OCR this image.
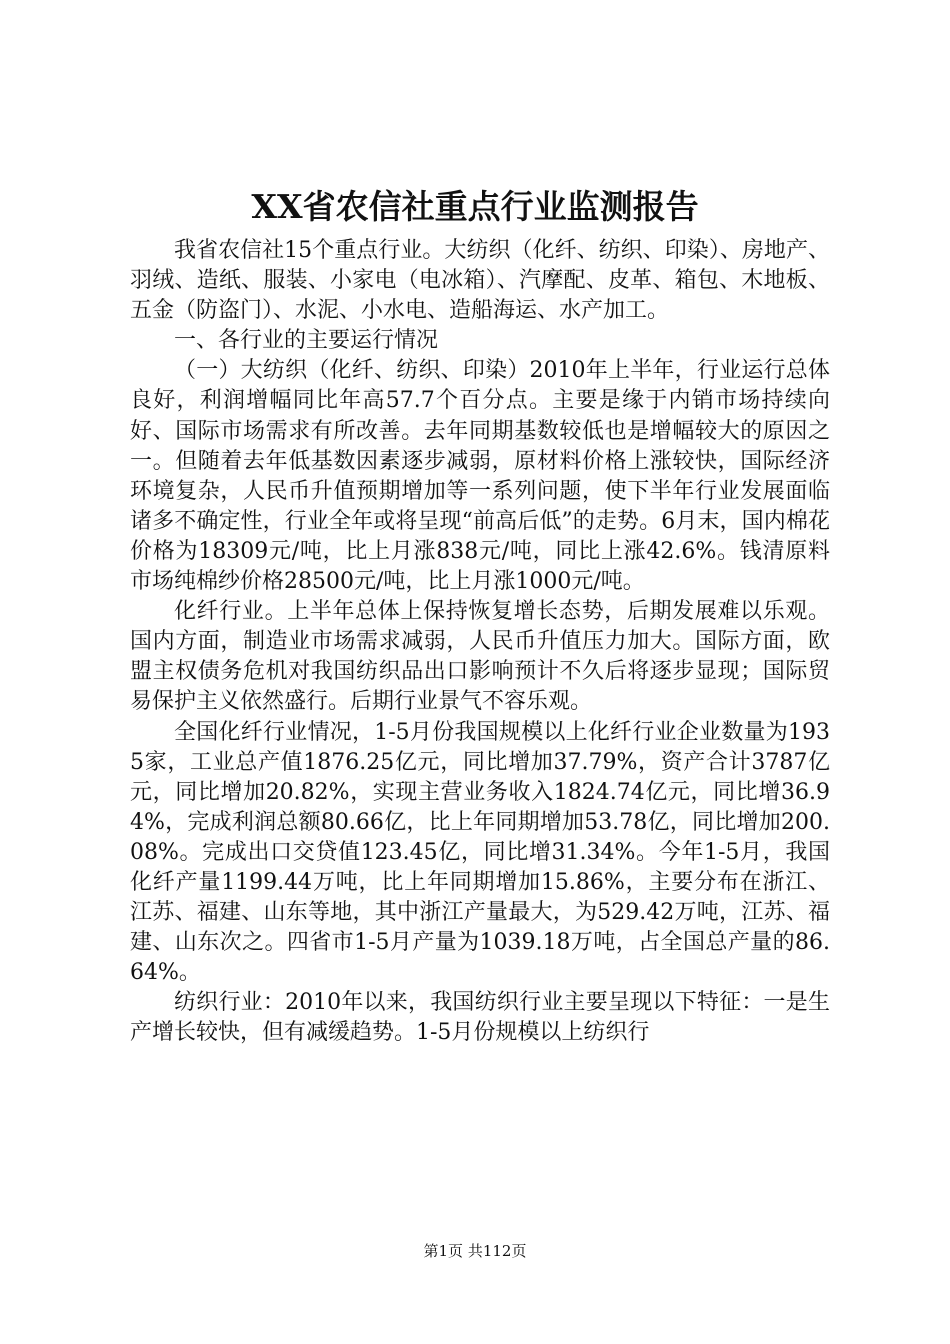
XX省农信社重点行业监测报告

我省农信社15个重点行业。大纺织（化纤、纺织、印染）、房地产、羽绒、造纸、服装、小家电（电冰箱）、汽摩配、皮革、箱包、木地板、五金（防盗门）、水泥、小水电、造船海运、水产加工。

一、各行业的主要运行情况

（一）大纺织（化纤、纺织、印染）2010年上半年，行业运行总体良好，利润增幅同比年高57.7个百分点。主要是缘于内销市场持续向好、国际市场需求有所改善。去年同期基数较低也是增幅较大的原因之一。但随着去年低基数因素逐步减弱，原材料价格上涨较快，国际经济环境复杂，人民币升值预期增加等一系列问题，使下半年行业发展面临诸多不确定性，行业全年或将呈现“前高后低”的走势。6月末，国内棉花价格为18309元/吨，比上月涨838元/吨，同比上涨42.6%。钱清原料市场纯棉纱价格28500元/吨，比上月涨1000元/吨。

化纤行业。上半年总体上保持恢复增长态势，后期发展难以乐观。国内方面，制造业市场需求减弱，人民币升值压力加大。国际方面，欧盟主权债务危机对我国纺织品出口影响预计不久后将逐步显现；国际贸易保护主义依然盛行。后期行业景气不容乐观。

全国化纤行业情况，1-5月份我国规模以上化纤行业企业数量为1935家，工业总产值1876.25亿元，同比增加37.79%，资产合计3787亿元，同比增加20.82%，实现主营业务收入1824.74亿元，同比增36.94%，完成利润总额80.66亿，比上年同期增加53.78亿，同比增加200.08%。完成出口交贷值123.45亿，同比增31.34%。今年1-5月，我国化纤产量1199.44万吨，比上年同期增加15.86%，主要分布在浙江、江苏、福建、山东等地，其中浙江产量最大，为529.42万吨，江苏、福建、山东次之。四省市1-5月产量为1039.18万吨，占全国总产量的86.64%。

纺织行业：2010年以来，我国纺织行业主要呈现以下特征：一是生产增长较快，但有减缓趋势。1-5月份规模以上纺织行

第1页 共112页
